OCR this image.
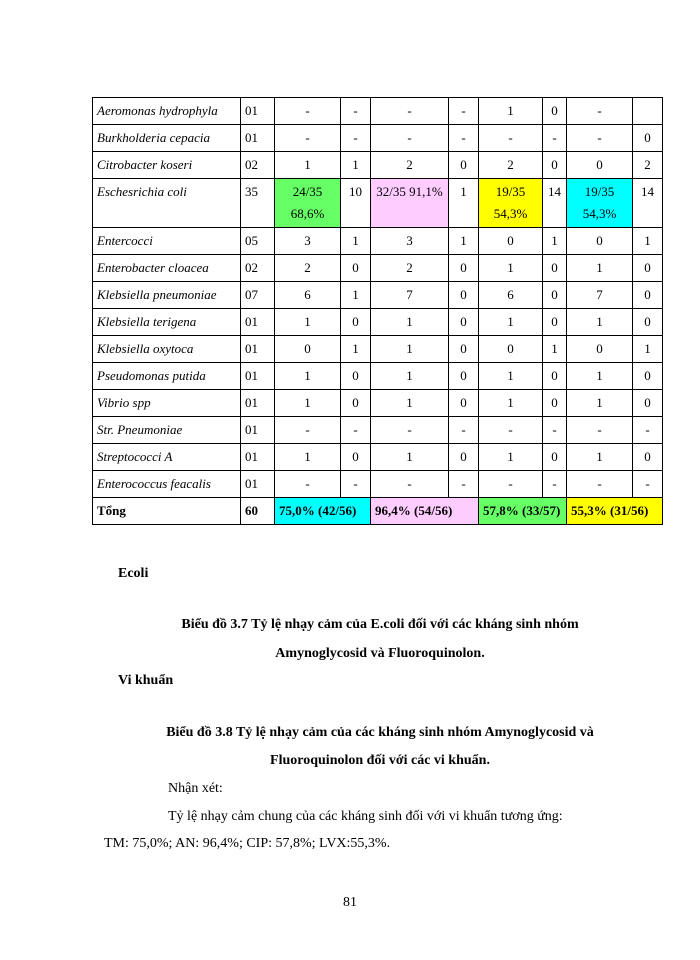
Aeromonas hydrophyla	01	-	-	-	-	1	0	-	
Burkholderia cepacia	01	-	-	-	-	-	-	-	0
Citrobacter koseri	02	1	1	2	0	2	0	0	2
Eschesrichia coli	35	24/35 68,6%	10	32/35 91,1%	1	19/35 54,3%	14	19/35 54,3%	14
Entercocci	05	3	1	3	1	0	1	0	1
Enterobacter cloacea	02	2	0	2	0	1	0	1	0
Klebsiella pneumoniae	07	6	1	7	0	6	0	7	0
Klebsiella terigena	01	1	0	1	0	1	0	1	0
Klebsiella oxytoca	01	0	1	1	0	0	1	0	1
Pseudomonas putida	01	1	0	1	0	1	0	1	0
Vibrio spp	01	1	0	1	0	1	0	1	0
Str. Pneumoniae	01	-	-	-	-	-	-	-	-
Streptococci A	01	1	0	1	0	1	0	1	0
Enterococcus feacalis	01	-	-	-	-	-	-	-	-
Tổng	60	75,0% (42/56)		96,4% (54/56)		57,8% (33/57)		55,3% (31/56)	
Ecoli
Biểu đồ 3.7 Tỷ lệ nhạy cảm của E.coli đối với các kháng sinh nhóm
Amynoglycosid và Fluoroquinolon.
Vi khuẩn
Biểu đồ 3.8 Tỷ lệ nhạy cảm của các kháng sinh nhóm Amynoglycosid và
Fluoroquinolon đối với các vi khuẩn.
Nhận xét:
Tỷ lệ nhạy cảm chung của các kháng sinh đối với vi khuẩn tương ứng:
TM: 75,0%; AN: 96,4%; CIP: 57,8%; LVX:55,3%.
81
